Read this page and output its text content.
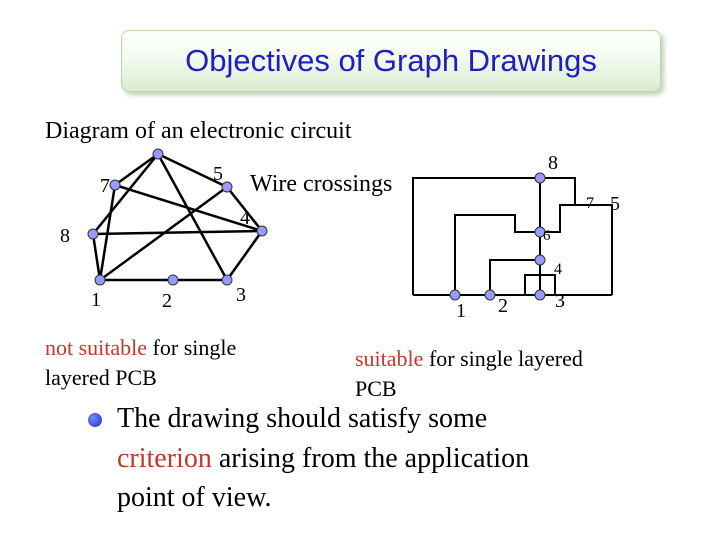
Objectives of Graph Drawings
Diagram of an electronic circuit
7
5
4
8
1	2	3
Wire crossings
8
7 5
6
4
1 2 3
not suitable for single
layered PCB
suitable for single layered
PCB
The drawing should satisfy some
criterion arising from the application
point of view.
